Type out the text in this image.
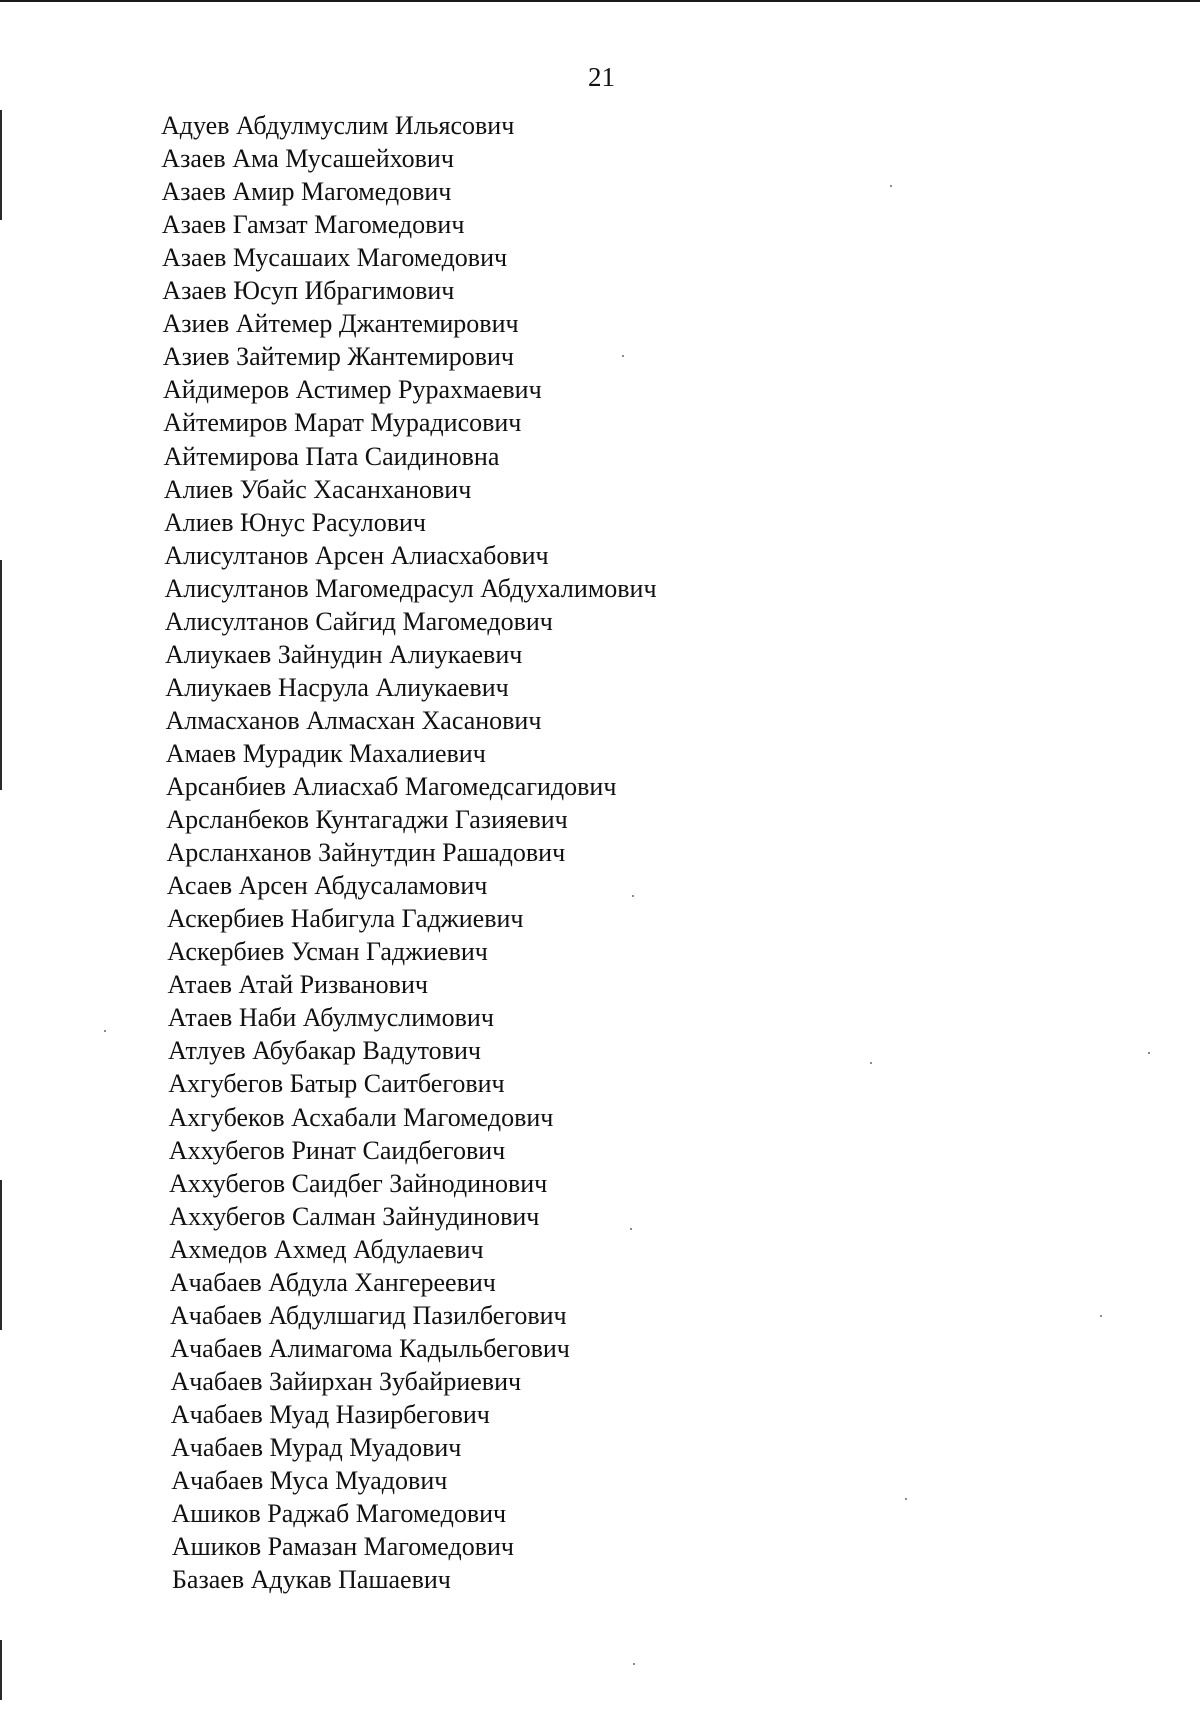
21
Адуев Абдулмуслим Ильясович
Азаев Ама Мусашейхович
Азаев Амир Магомедович
Азаев Гамзат Магомедович
Азаев Мусашаих Магомедович
Азаев Юсуп Ибрагимович
Азиев Айтемер Джантемирович
Азиев Зайтемир Жантемирович
Айдимеров Астимер Рурахмаевич
Айтемиров Марат Мурадисович
Айтемирова Пата Саидиновна
Алиев Убайс Хасанханович
Алиев Юнус Расулович
Алисултанов Арсен Алиасхабович
Алисултанов Магомедрасул Абдухалимович
Алисултанов Сайгид Магомедович
Алиукаев Зайнудин Алиукаевич
Алиукаев Насрула Алиукаевич
Алмасханов Алмасхан Хасанович
Амаев Мурадик Махалиевич
Арсанбиев Алиасхаб Магомедсагидович
Арсланбеков Кунтагаджи Газияевич
Арсланханов Зайнутдин Рашадович
Асаев Арсен Абдусаламович
Аскербиев Набигула Гаджиевич
Аскербиев Усман Гаджиевич
Атаев Атай Ризванович
Атаев Наби Абулмуслимович
Атлуев Абубакар Вадутович
Ахгубегов Батыр Саитбегович
Ахгубеков Асхабали Магомедович
Аххубегов Ринат Саидбегович
Аххубегов Саидбег Зайнодинович
Аххубегов Салман Зайнудинович
Ахмедов Ахмед Абдулаевич
Ачабаев Абдула Хангереевич
Ачабаев Абдулшагид Пазилбегович
Ачабаев Алимагома Кадыльбегович
Ачабаев Зайирхан Зубайриевич
Ачабаев Муад Назирбегович
Ачабаев Мурад Муадович
Ачабаев Муса Муадович
Ашиков Раджаб Магомедович
Ашиков Рамазан Магомедович
Базаев Адукав Пашаевич
